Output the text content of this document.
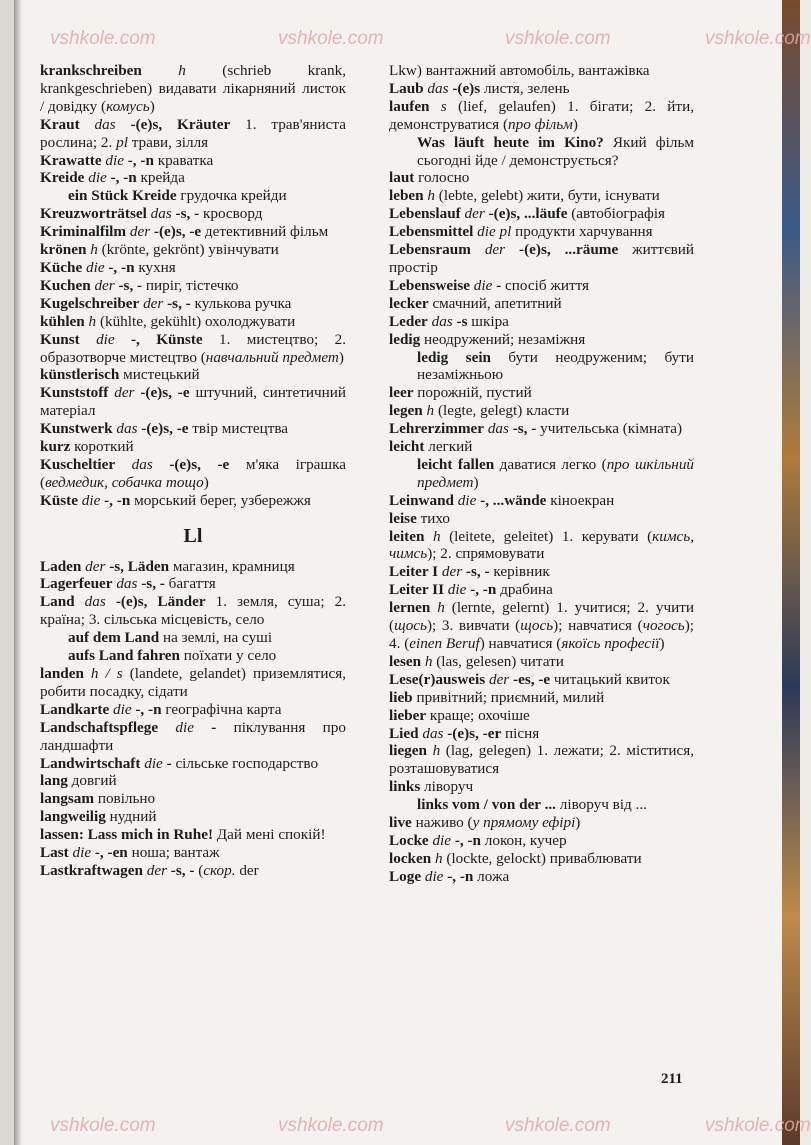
vshkole.com	vshkole.com	vshkole.com	vshkole.com
vshkole.com	vshkole.com	vshkole.com	vshkole.com
krankschreiben h (schrieb krank, krankgeschrieben) видавати лікарняний листок / довідку (комусь)
Kraut das -(e)s, Kräuter 1. трав'яниста рослина; 2. pl трави, зілля
Krawatte die -, -n краватка
Kreide die -, -n крейда
ein Stück Kreide грудочка крейди
Kreuzworträtsel das -s, - кросворд
Kriminalfilm der -(e)s, -e детективний фільм
krönen h (krönte, gekrönt) увінчувати
Küche die -, -n кухня
Kuchen der -s, - пиріг, тістечко
Kugelschreiber der -s, - кулькова ручка
kühlen h (kühlte, gekühlt) охолоджувати
Kunst die -, Künste 1. мистецтво; 2. образотворче мистецтво (навчальний предмет)
künstlerisch мистецький
Kunststoff der -(e)s, -e штучний, синтетичний матеріал
Kunstwerk das -(e)s, -e твір мистецтва
kurz короткий
Kuscheltier das -(e)s, -e м'яка іграшка (ведмедик, собачка тощо)
Küste die -, -n морський берег, узбережжя
Ll
Laden der -s, Läden магазин, крамниця
Lagerfeuer das -s, - багаття
Land das -(e)s, Länder 1. земля, суша; 2. країна; 3. сільська місцевість, село
auf dem Land на землі, на суші
aufs Land fahren поїхати у село
landen h / s (landete, gelandet) приземлятися, робити посадку, сідати
Landkarte die -, -n географічна карта
Landschaftspflege die - піклування про ландшафти
Landwirtschaft die - сільське господарство
lang довгий
langsam повільно
langweilig нудний
lassen: Lass mich in Ruhe! Дай мені спокій!
Last die -, -en ноша; вантаж
Lastkraftwagen der -s, - (скор. der
Lkw) вантажний автомобіль, вантажівка
Laub das -(e)s листя, зелень
laufen s (lief, gelaufen) 1. бігати; 2. йти, демонструватися (про фільм)
Was läuft heute im Kino? Який фільм сьогодні йде / демонструється?
laut голосно
leben h (lebte, gelebt) жити, бути, існувати
Lebenslauf der -(e)s, ...läufe (автобіографія
Lebensmittel die pl продукти харчування
Lebensraum der -(e)s, ...räume життєвий простір
Lebensweise die - спосіб життя
lecker смачний, апетитний
Leder das -s шкіра
ledig неодружений; незаміжня
ledig sein бути неодруженим; бути незаміжньою
leer порожній, пустий
legen h (legte, gelegt) класти
Lehrerzimmer das -s, - учительська (кімната)
leicht легкий
leicht fallen даватися легко (про шкільний предмет)
Leinwand die -, ...wände кіноекран
leise тихо
leiten h (leitete, geleitet) 1. керувати (кимсь, чимсь); 2. спрямовувати
Leiter I der -s, - керівник
Leiter II die -, -n драбина
lernen h (lernte, gelernt) 1. учитися; 2. учити (щось); 3. вивчати (щось); навчатися (чогось); 4. (einen Beruf) навчатися (якоїсь професії)
lesen h (las, gelesen) читати
Lese(r)ausweis der -es, -e читацький квиток
lieb привітний; приємний, милий
lieber краще; охочіше
Lied das -(e)s, -er пісня
liegen h (lag, gelegen) 1. лежати; 2. міститися, розташовуватися
links ліворуч
links vom / von der ... ліворуч від ...
live наживо (у прямому ефірі)
Locke die -, -n локон, кучер
locken h (lockte, gelockt) приваблювати
Loge die -, -n ложа
211
